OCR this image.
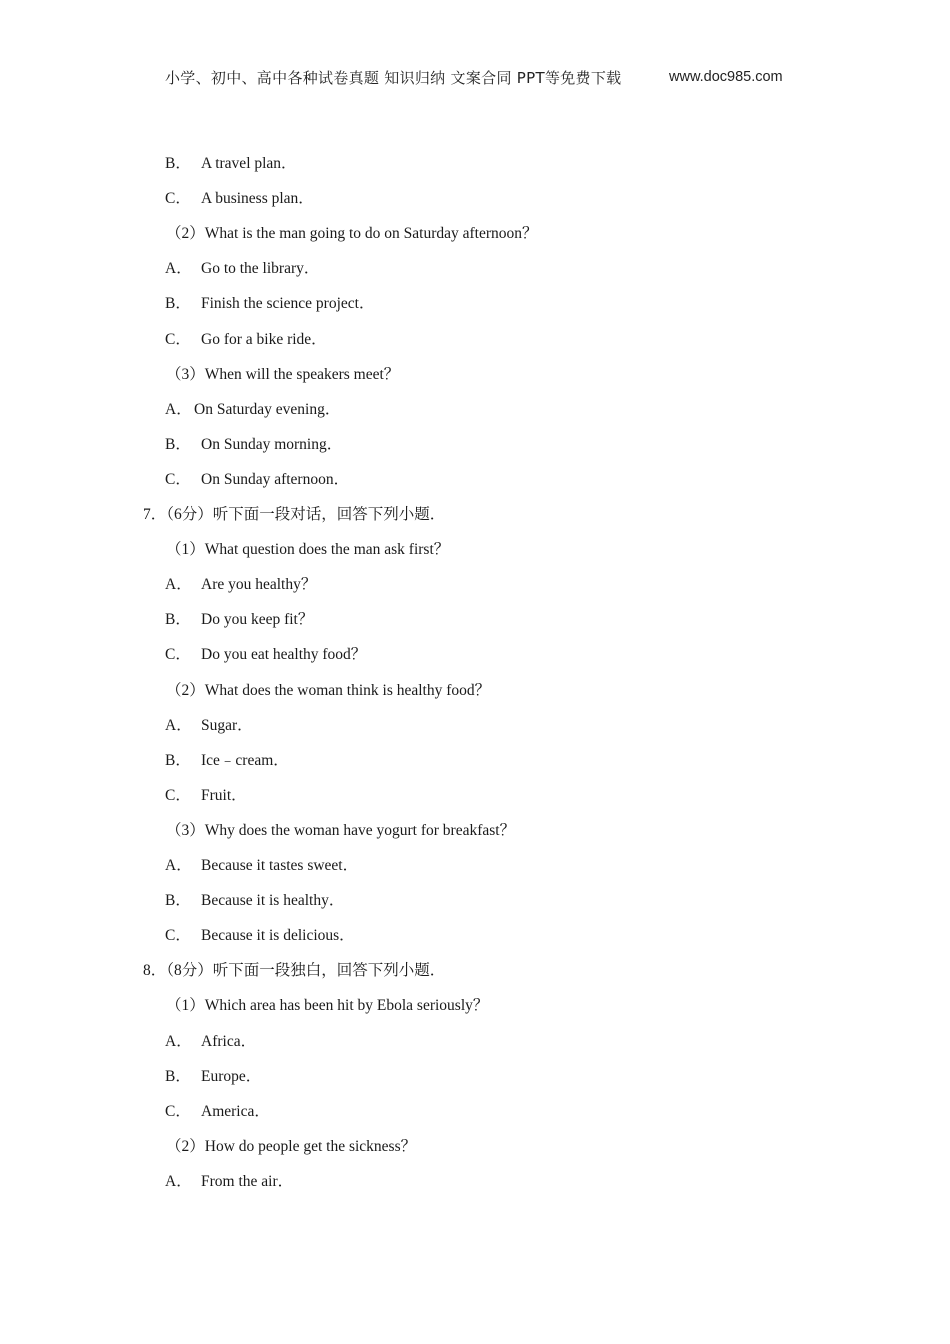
小学、初中、高中各种试卷真题 知识归纳 文案合同 PPT等免费下载	www.doc985.com
B． A travel plan．
C． A business plan．
（2）What is the man going to do on Saturday afternoon？
A． Go to the library．
B． Finish the science project．
C． Go for a bike ride．
（3）When will the speakers meet？
A． On Saturday evening．
B． On Sunday morning．
C． On Sunday afternoon．
7．（6分）听下面一段对话，回答下列小题．
（1）What question does the man ask first？
A． Are you healthy？
B． Do you keep fit？
C． Do you eat healthy food？
（2）What does the woman think is healthy food？
A． Sugar．
B． Ice﹣cream．
C． Fruit．
（3）Why does the woman have yogurt for breakfast？
A． Because it tastes sweet．
B． Because it is healthy．
C． Because it is delicious．
8．（8分）听下面一段独白，回答下列小题．
（1）Which area has been hit by Ebola seriously？
A． Africa．
B． Europe．
C． America．
（2）How do people get the sickness？
A． From the air．
